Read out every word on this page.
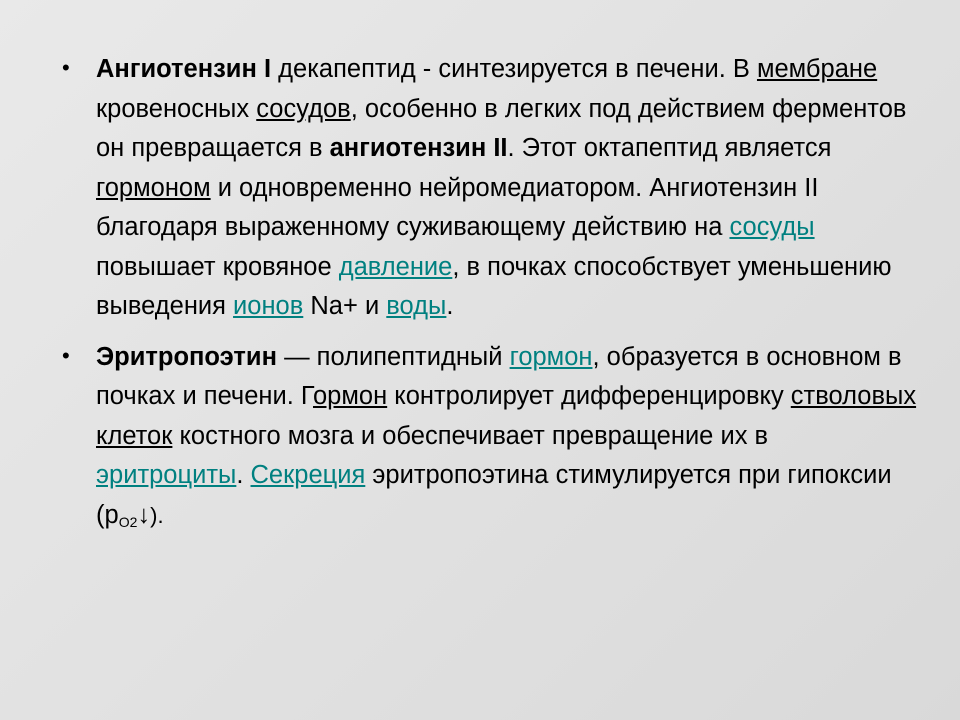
• Ангиотензин I декапептид - синтезируется в печени. В мембране кровеносных сосудов, особенно в легких под действием ферментов он превращается в ангиотензин II. Этот октапептид является гормоном и одновременно нейромедиатором. Ангиотензин II благодаря выраженному суживающему действию на сосуды повышает кровяное давление, в почках способствует уменьшению выведения ионов Na+ и воды.
• Эритропоэтин — полипептидный гормон, образуется в основном в почках и печени. Гормон контролирует дифференцировку стволовых клеток костного мозга и обеспечивает превращение их в эритроциты. Секреция эритропоэтина стимулируется при гипоксии $(p_{O2}↓)$.
